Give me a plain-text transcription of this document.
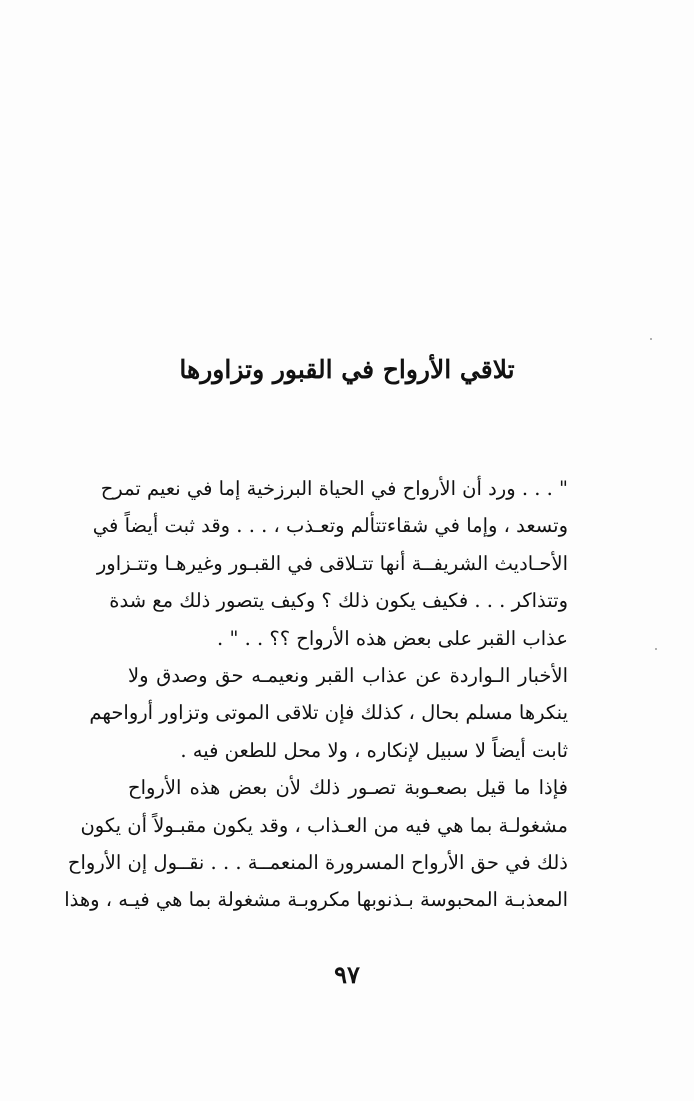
تلاقي الأرواح في القبور وتزاورها
" . . . ورد أن الأرواح في الحياة البرزخية إما في نعيم تمرح
وتسعد ، وإما في شقاءتتألم وتعـذب ، . . . وقد ثبت أيضاً في
الأحـاديث الشريفــة أنها تتـلاقى في القبـور وغيرهـا وتتـزاور
وتتذاكر . . . فكيف يكون ذلك ؟ وكيف يتصور ذلك مع شدة
عذاب القبر على بعض هذه الأرواح ؟؟ . . " .
الأخبار الـواردة عن عذاب القبر ونعيمـه حق وصدق ولا
ينكرها مسلم بحال ، كذلك فإن تلاقى الموتى وتزاور أرواحهم
ثابت أيضاً لا سبيل لإنكاره ، ولا محل للطعن فيه .
فإذا ما قيل بصعـوبة تصـور ذلك لأن بعض هذه الأرواح
مشغولـة بما هي فيه من العـذاب ، وقد يكون مقبـولاً أن يكون
ذلك في حق الأرواح المسرورة المنعمــة . . . نقــول إن الأرواح
المعذبـة المحبوسة بـذنوبها مكروبـة مشغولة بما هي فيـه ، وهذا
٩٧
